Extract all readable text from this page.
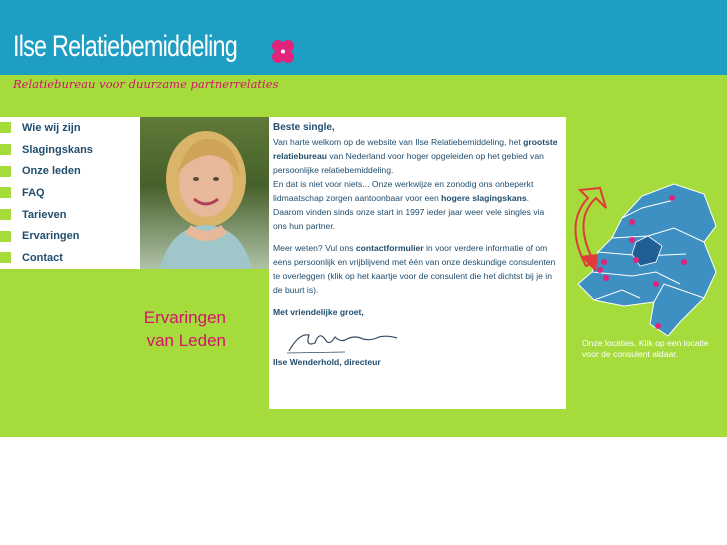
Ilse Relatiebemiddeling
Relatiebureau voor duurzame partnerrelaties
Wie wij zijn
Slagingskans
Onze leden
FAQ
Tarieven
Ervaringen
Contact
Ervaringen
van Leden

Beste single,

Van harte welkom op de website van Ilse Relatiebemiddeling, het grootste relatiebureau van Nederland voor hoger opgeleiden op het gebied van persoonlijke relatiebemiddeling.

En dat is niet voor niets... Onze werkwijze en zonodig ons onbeperkt lidmaatschap zorgen aantoonbaar voor een hogere slagingskans. Daarom vinden sinds onze start in 1997 ieder jaar weer vele singles via ons hun partner.

Meer weten? Vul ons contactformulier in voor verdere informatie of om eens persoonlijk en vrijblijvend met één van onze deskundige consulenten te overleggen (klik op het kaartje voor de consulent die het dichtst bij je in de buurt is).

Met vriendelijke groet,

Ilse Wenderhold, directeur

Onze locaties. Klik op een locatie voor de consulent aldaar.
